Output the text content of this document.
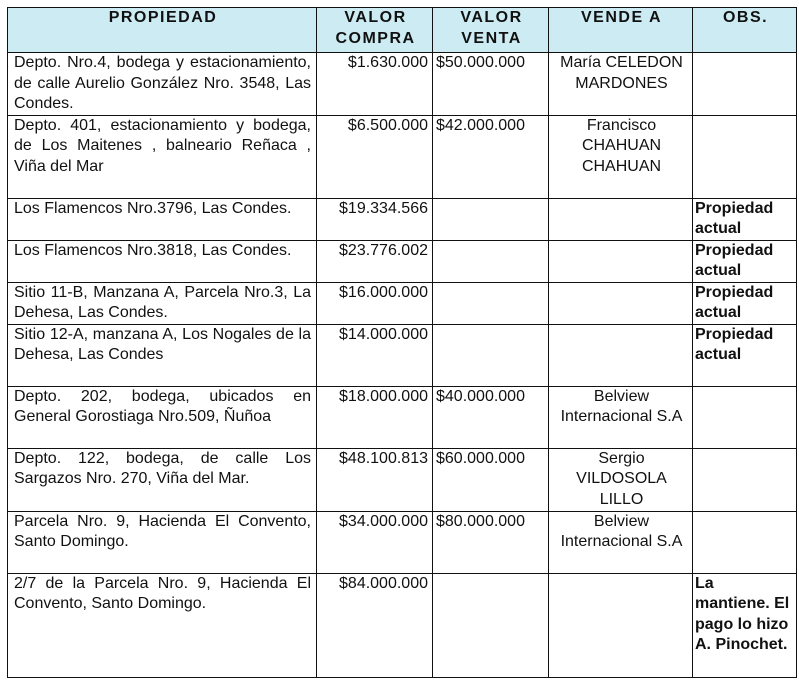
PROPIEDAD	VALOR COMPRA	VALOR VENTA	VENDE A	OBS.
Depto. Nro.4, bodega y estacionamiento, de calle Aurelio González Nro. 3548, Las Condes.	$1.630.000	$50.000.000	María CELEDON MARDONES	
Depto. 401, estacionamiento y bodega, de Los Maitenes , balneario Reñaca , Viña del Mar	$6.500.000	$42.000.000	Francisco CHAHUAN CHAHUAN	
Los Flamencos Nro.3796, Las Condes.	$19.334.566			Propiedad actual
Los Flamencos Nro.3818, Las Condes.	$23.776.002			Propiedad actual
Sitio 11-B, Manzana A, Parcela Nro.3, La Dehesa, Las Condes.	$16.000.000			Propiedad actual
Sitio 12-A, manzana A, Los Nogales de la Dehesa, Las Condes	$14.000.000			Propiedad actual
Depto. 202, bodega, ubicados en General Gorostiaga Nro.509, Ñuñoa	$18.000.000	$40.000.000	Belview Internacional S.A	
Depto. 122, bodega, de calle Los Sargazos Nro. 270, Viña del Mar.	$48.100.813	$60.000.000	Sergio VILDOSOLA LILLO	
Parcela Nro. 9, Hacienda El Convento, Santo Domingo.	$34.000.000	$80.000.000	Belview Internacional S.A	
2/7 de la Parcela Nro. 9, Hacienda El Convento, Santo Domingo.	$84.000.000			La mantiene. El pago lo hizo A. Pinochet.
